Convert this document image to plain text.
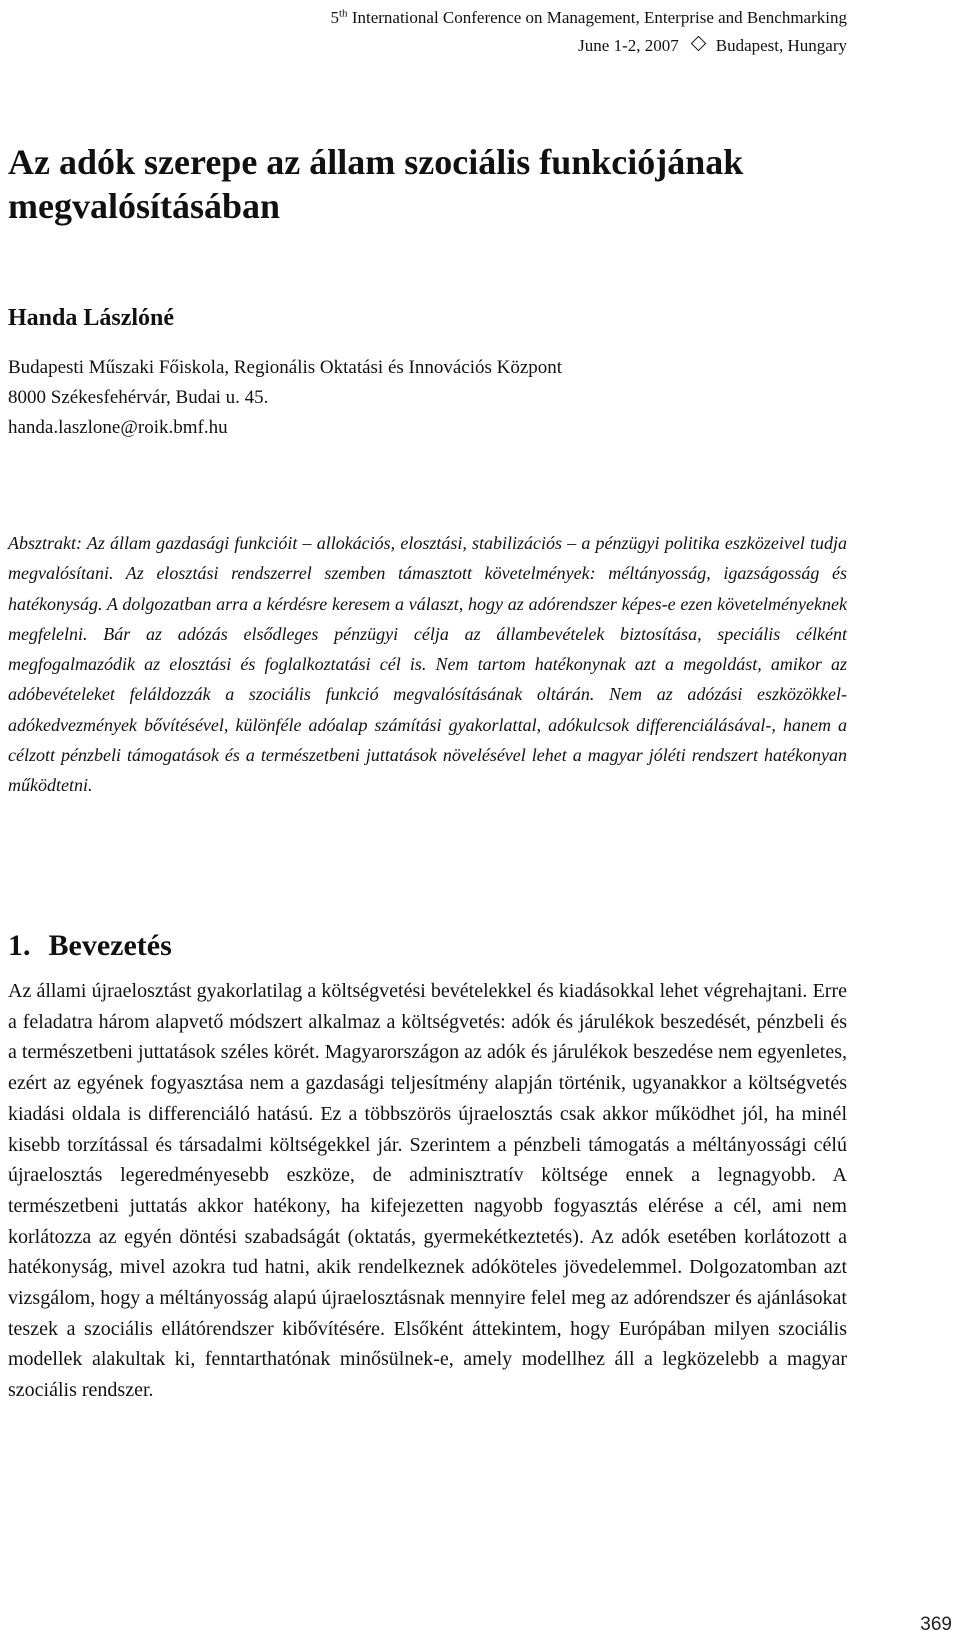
5th International Conference on Management, Enterprise and Benchmarking
June 1-2, 2007 Budapest, Hungary
Az adók szerepe az állam szociális funkciójának megvalósításában
Handa Lászlóné
Budapesti Műszaki Főiskola, Regionális Oktatási és Innovációs Központ
8000 Székesfehérvár, Budai u. 45.
handa.laszlone@roik.bmf.hu

Absztrakt: Az állam gazdasági funkcióit – allokációs, elosztási, stabilizációs – a pénzügyi politika eszközeivel tudja megvalósítani. Az elosztási rendszerrel szemben támasztott követelmények: méltányosság, igazságosság és hatékonyság. A dolgozatban arra a kérdésre keresem a választ, hogy az adórendszer képes-e ezen követelményeknek megfelelni. Bár az adózás elsődleges pénzügyi célja az állambevételek biztosítása, speciális célként megfogalmazódik az elosztási és foglalkoztatási cél is. Nem tartom hatékonynak azt a megoldást, amikor az adóbevételeket feláldozzák a szociális funkció megvalósításának oltárán. Nem az adózási eszközökkel-adókedvezmények bővítésével, különféle adóalap számítási gyakorlattal, adókulcsok differenciálásával-, hanem a célzott pénzbeli támogatások és a természetbeni juttatások növelésével lehet a magyar jóléti rendszert hatékonyan működtetni.

1. Bevezetés

Az állami újraelosztást gyakorlatilag a költségvetési bevételekkel és kiadásokkal lehet végrehajtani. Erre a feladatra három alapvető módszert alkalmaz a költségvetés: adók és járulékok beszedését, pénzbeli és a természetbeni juttatások széles körét. Magyarországon az adók és járulékok beszedése nem egyenletes, ezért az egyének fogyasztása nem a gazdasági teljesítmény alapján történik, ugyanakkor a költségvetés kiadási oldala is differenciáló hatású. Ez a többszörös újraelosztás csak akkor működhet jól, ha minél kisebb torzítással és társadalmi költségekkel jár. Szerintem a pénzbeli támogatás a méltányossági célú újraelosztás legeredményesebb eszköze, de adminisztratív költsége ennek a legnagyobb. A természetbeni juttatás akkor hatékony, ha kifejezetten nagyobb fogyasztás elérése a cél, ami nem korlátozza az egyén döntési szabadságát (oktatás, gyermekétkeztetés). Az adók esetében korlátozott a hatékonyság, mivel azokra tud hatni, akik rendelkeznek adóköteles jövedelemmel. Dolgozatomban azt vizsgálom, hogy a méltányosság alapú újraelosztásnak mennyire felel meg az adórendszer és ajánlásokat teszek a szociális ellátórendszer kibővítésére. Elsőként áttekintem, hogy Európában milyen szociális modellek alakultak ki, fenntarthatónak minősülnek-e, amely modellhez áll a legközelebb a magyar szociális rendszer.

369
